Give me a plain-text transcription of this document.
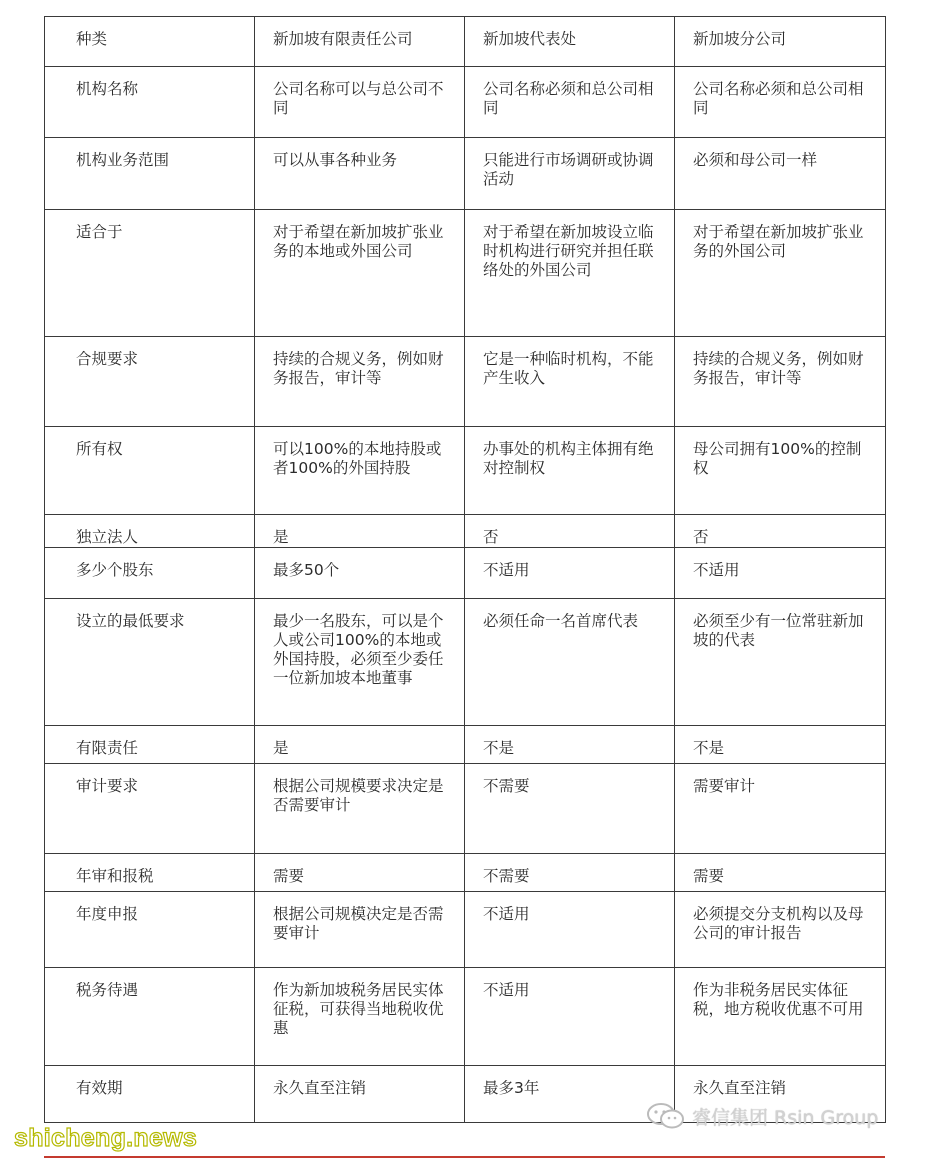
种类	新加坡有限责任公司	新加坡代表处	新加坡分公司
机构名称	公司名称可以与总公司不同	公司名称必须和总公司相同	公司名称必须和总公司相同
机构业务范围	可以从事各种业务	只能进行市场调研或协调活动	必须和母公司一样
适合于	对于希望在新加坡扩张业务的本地或外国公司	对于希望在新加坡设立临时机构进行研究并担任联络处的外国公司	对于希望在新加坡扩张业务的外国公司
合规要求	持续的合规义务，例如财务报告，审计等	它是一种临时机构，不能产生收入	持续的合规义务，例如财务报告，审计等
所有权	可以100%的本地持股或者100%的外国持股	办事处的机构主体拥有绝对控制权	母公司拥有100%的控制权
独立法人	是	否	否
多少个股东	最多50个	不适用	不适用
设立的最低要求	最少一名股东，可以是个人或公司100%的本地或外国持股，必须至少委任一位新加坡本地董事	必须任命一名首席代表	必须至少有一位常驻新加坡的代表
有限责任	是	不是	不是
审计要求	根据公司规模要求决定是否需要审计	不需要	需要审计
年审和报税	需要	不需要	需要
年度申报	根据公司规模决定是否需要审计	不适用	必须提交分支机构以及母公司的审计报告
税务待遇	作为新加坡税务居民实体征税，可获得当地税收优惠	不适用	作为非税务居民实体征税，地方税收优惠不可用
有效期	永久直至注销	最多3年	永久直至注销
睿信集团 Rsin Group
shicheng.news
